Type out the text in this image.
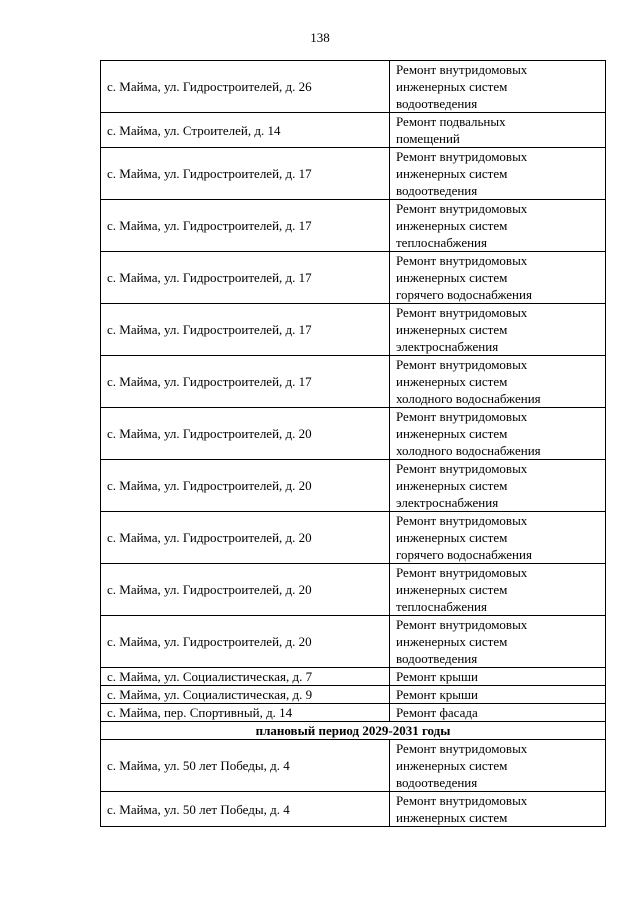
138
с. Майма, ул. Гидростроителей, д. 26	Ремонт внутридомовых
инженерных систем
водоотведения

с. Майма, ул. Строителей, д. 14	Ремонт подвальных
помещений

с. Майма, ул. Гидростроителей, д. 17	Ремонт внутридомовых
инженерных систем
водоотведения

с. Майма, ул. Гидростроителей, д. 17	Ремонт внутридомовых
инженерных систем
теплоснабжения

с. Майма, ул. Гидростроителей, д. 17	Ремонт внутридомовых
инженерных систем
горячего водоснабжения

с. Майма, ул. Гидростроителей, д. 17	Ремонт внутридомовых
инженерных систем
электроснабжения

с. Майма, ул. Гидростроителей, д. 17	Ремонт внутридомовых
инженерных систем
холодного водоснабжения

с. Майма, ул. Гидростроителей, д. 20	Ремонт внутридомовых
инженерных систем
холодного водоснабжения

с. Майма, ул. Гидростроителей, д. 20	Ремонт внутридомовых
инженерных систем
электроснабжения

с. Майма, ул. Гидростроителей, д. 20	Ремонт внутридомовых
инженерных систем
горячего водоснабжения

с. Майма, ул. Гидростроителей, д. 20	Ремонт внутридомовых
инженерных систем
теплоснабжения

с. Майма, ул. Гидростроителей, д. 20	Ремонт внутридомовых
инженерных систем
водоотведения

с. Майма, ул. Социалистическая, д. 7	Ремонт крыши

с. Майма, ул. Социалистическая, д. 9	Ремонт крыши

с. Майма, пер. Спортивный, д. 14	Ремонт фасада

плановый период 2029-2031 годы	
с. Майма, ул. 50 лет Победы, д. 4	Ремонт внутридомовых
инженерных систем
водоотведения

с. Майма, ул. 50 лет Победы, д. 4	Ремонт внутридомовых
инженерных систем
